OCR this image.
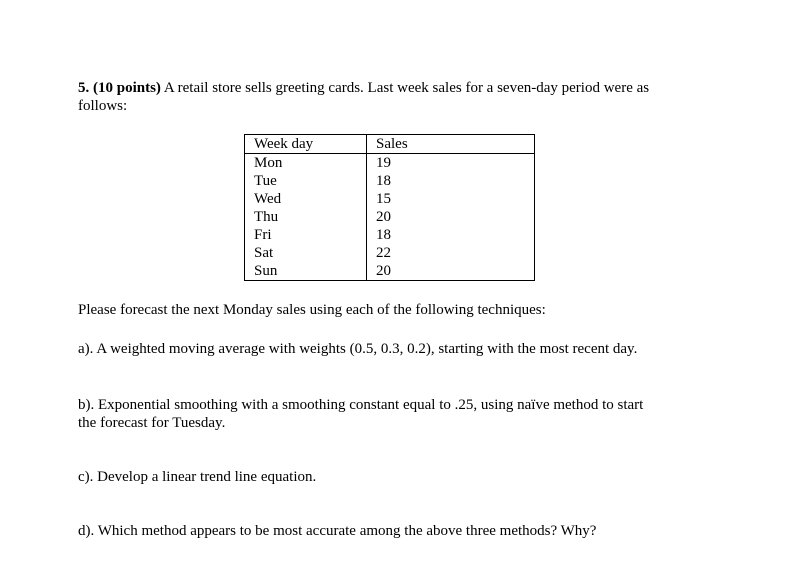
5. (10 points) A retail store sells greeting cards. Last week sales for a seven-day period were as

follows:

Week day	Sales
Mon	19
Tue	18
Wed	15
Thu	20
Fri	18
Sat	22
Sun	20

Please forecast the next Monday sales using each of the following techniques:

a). A weighted moving average with weights (0.5, 0.3, 0.2), starting with the most recent day.

b). Exponential smoothing with a smoothing constant equal to .25, using naïve method to start

the forecast for Tuesday.

c). Develop a linear trend line equation.

d). Which method appears to be most accurate among the above three methods? Why?
